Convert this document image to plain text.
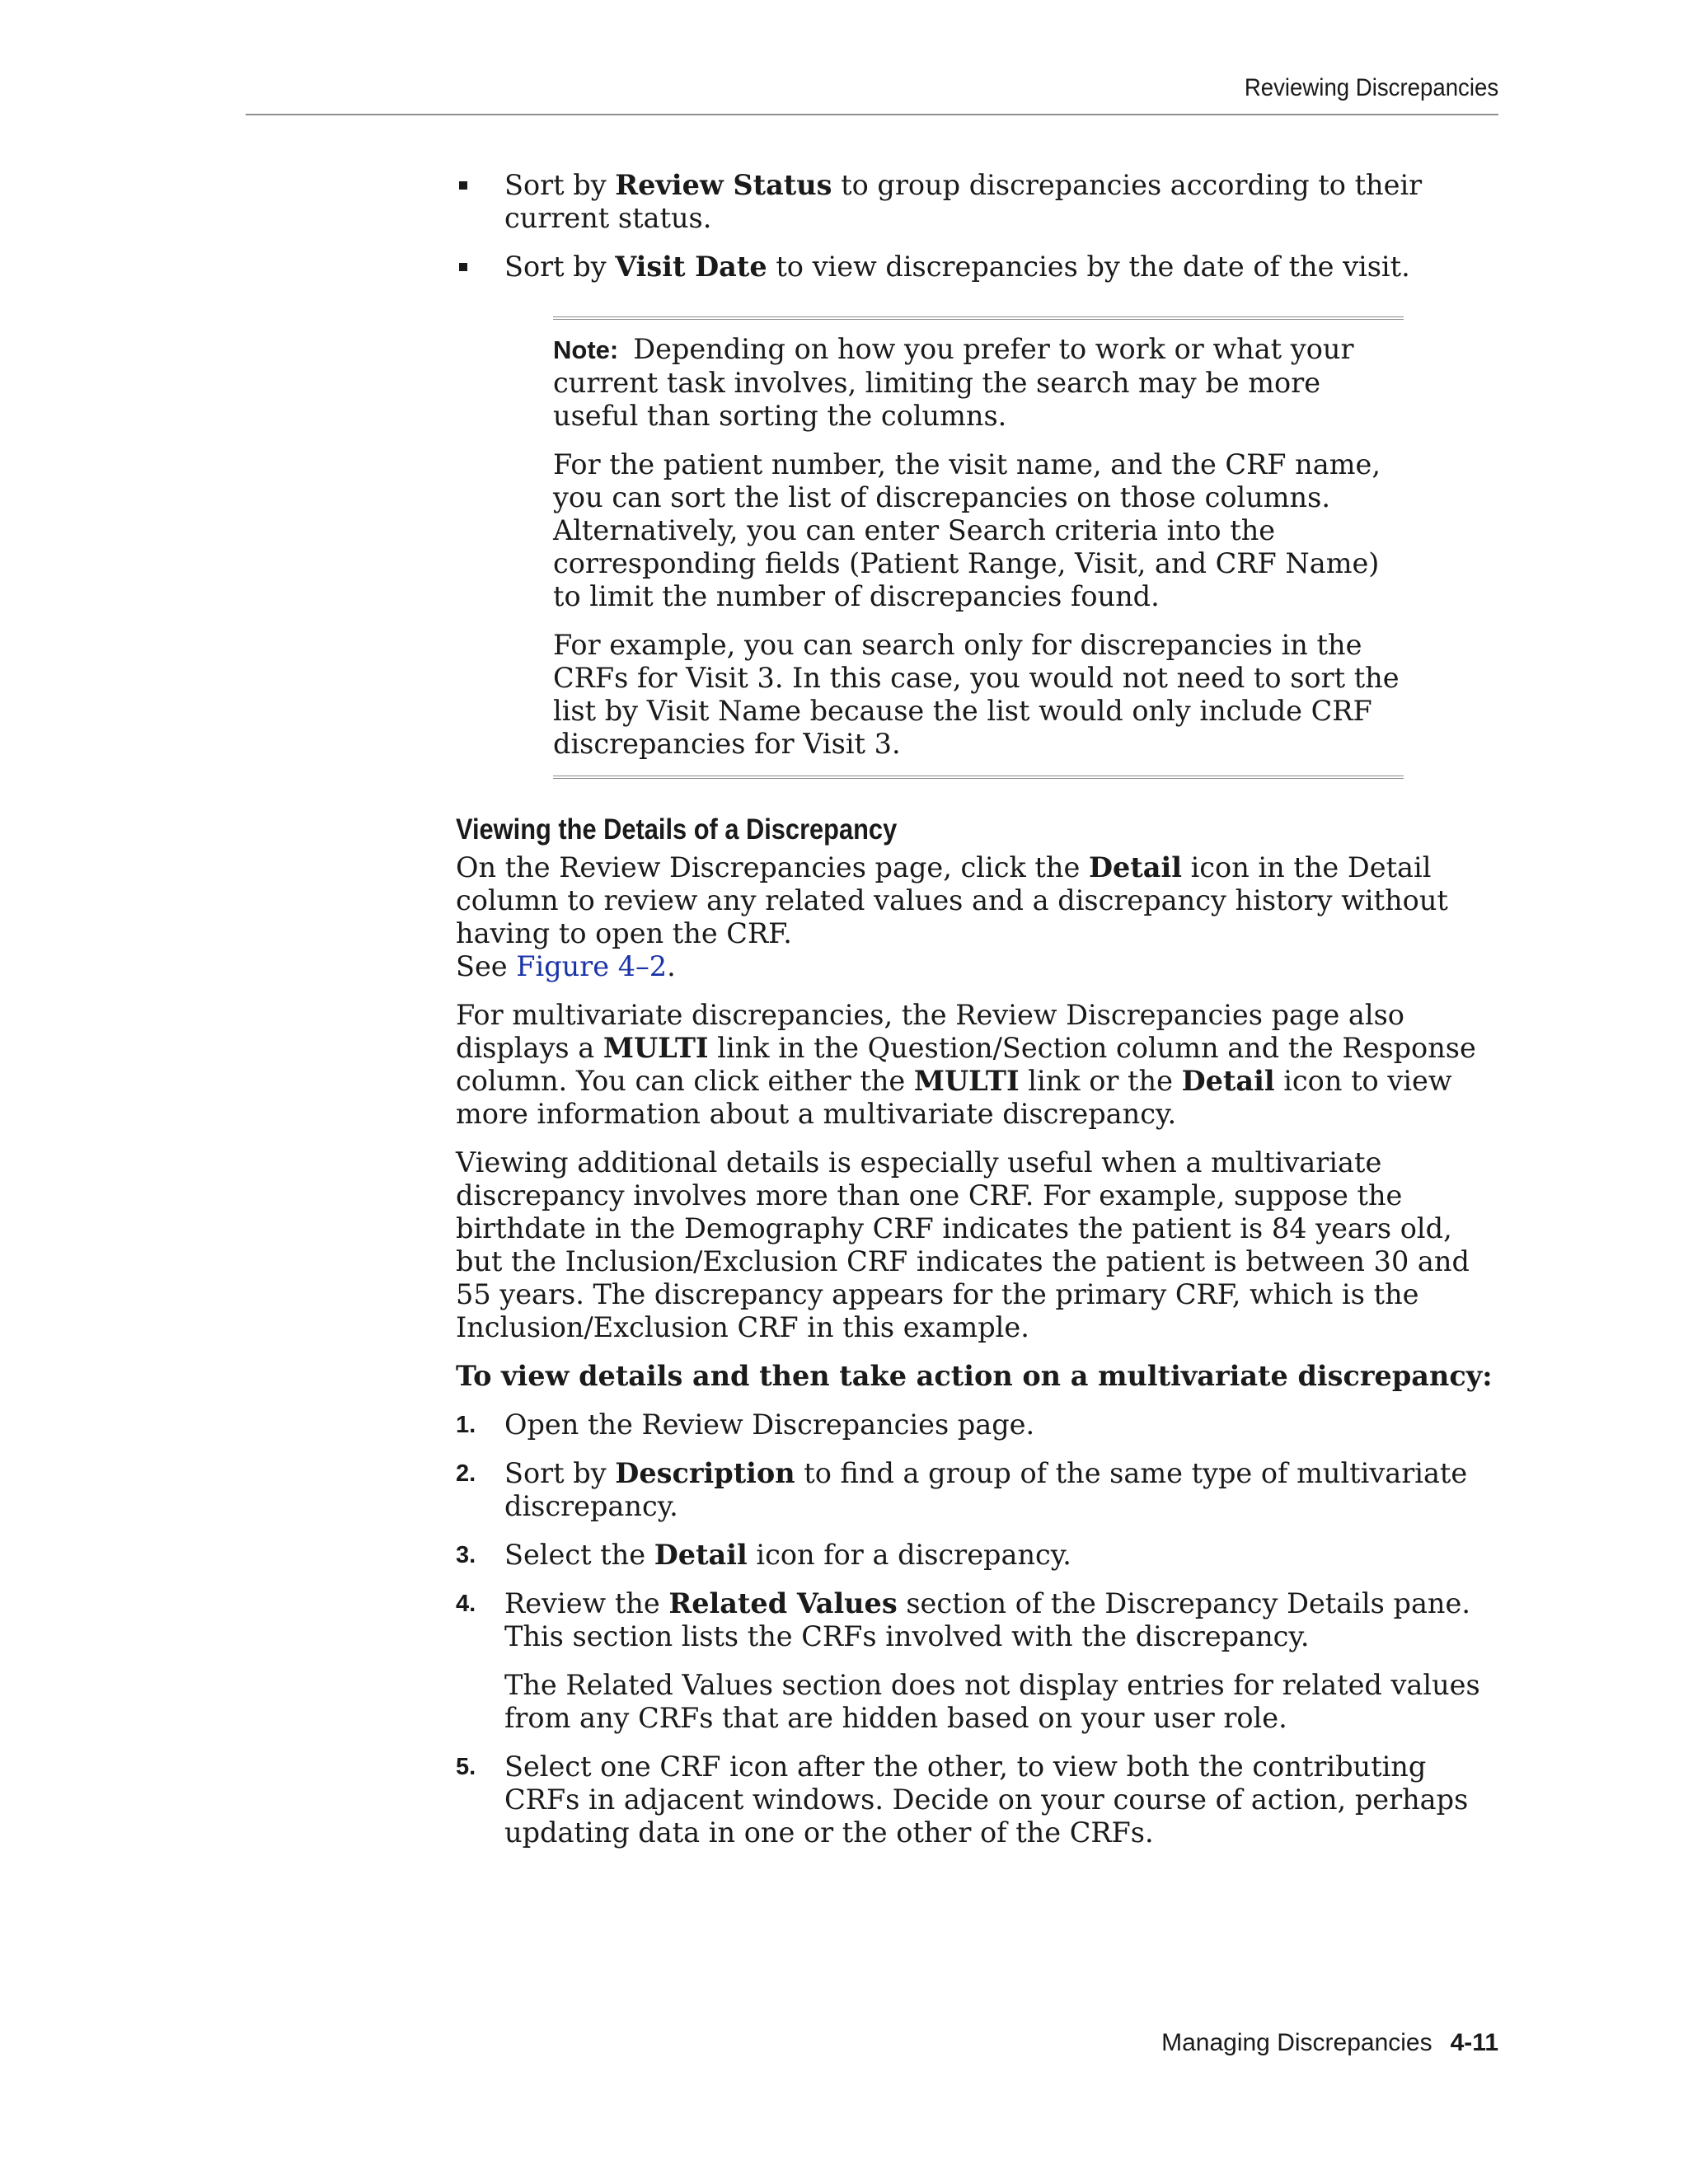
Reviewing Discrepancies
Sort by Review Status to group discrepancies according to their current status.
Sort by Visit Date to view discrepancies by the date of the visit.

Note: Depending on how you prefer to work or what your current task involves, limiting the search may be more useful than sorting the columns.

For the patient number, the visit name, and the CRF name, you can sort the list of discrepancies on those columns. Alternatively, you can enter Search criteria into the corresponding fields (Patient Range, Visit, and CRF Name) to limit the number of discrepancies found.

For example, you can search only for discrepancies in the CRFs for Visit 3. In this case, you would not need to sort the list by Visit Name because the list would only include CRF discrepancies for Visit 3.

Viewing the Details of a Discrepancy

On the Review Discrepancies page, click the Detail icon in the Detail column to review any related values and a discrepancy history without having to open the CRF.
See Figure 4–2.

For multivariate discrepancies, the Review Discrepancies page also displays a MULTI link in the Question/Section column and the Response column. You can click either the MULTI link or the Detail icon to view more information about a multivariate discrepancy.

Viewing additional details is especially useful when a multivariate discrepancy involves more than one CRF. For example, suppose the birthdate in the Demography CRF indicates the patient is 84 years old, but the Inclusion/Exclusion CRF indicates the patient is between 30 and 55 years. The discrepancy appears for the primary CRF, which is the Inclusion/Exclusion CRF in this example.

To view details and then take action on a multivariate discrepancy:

1. Open the Review Discrepancies page.
2. Sort by Description to find a group of the same type of multivariate discrepancy.
3. Select the Detail icon for a discrepancy.
4. Review the Related Values section of the Discrepancy Details pane. This section lists the CRFs involved with the discrepancy.

The Related Values section does not display entries for related values from any CRFs that are hidden based on your user role.

5. Select one CRF icon after the other, to view both the contributing CRFs in adjacent windows. Decide on your course of action, perhaps updating data in one or the other of the CRFs.
Managing Discrepancies 4-11
